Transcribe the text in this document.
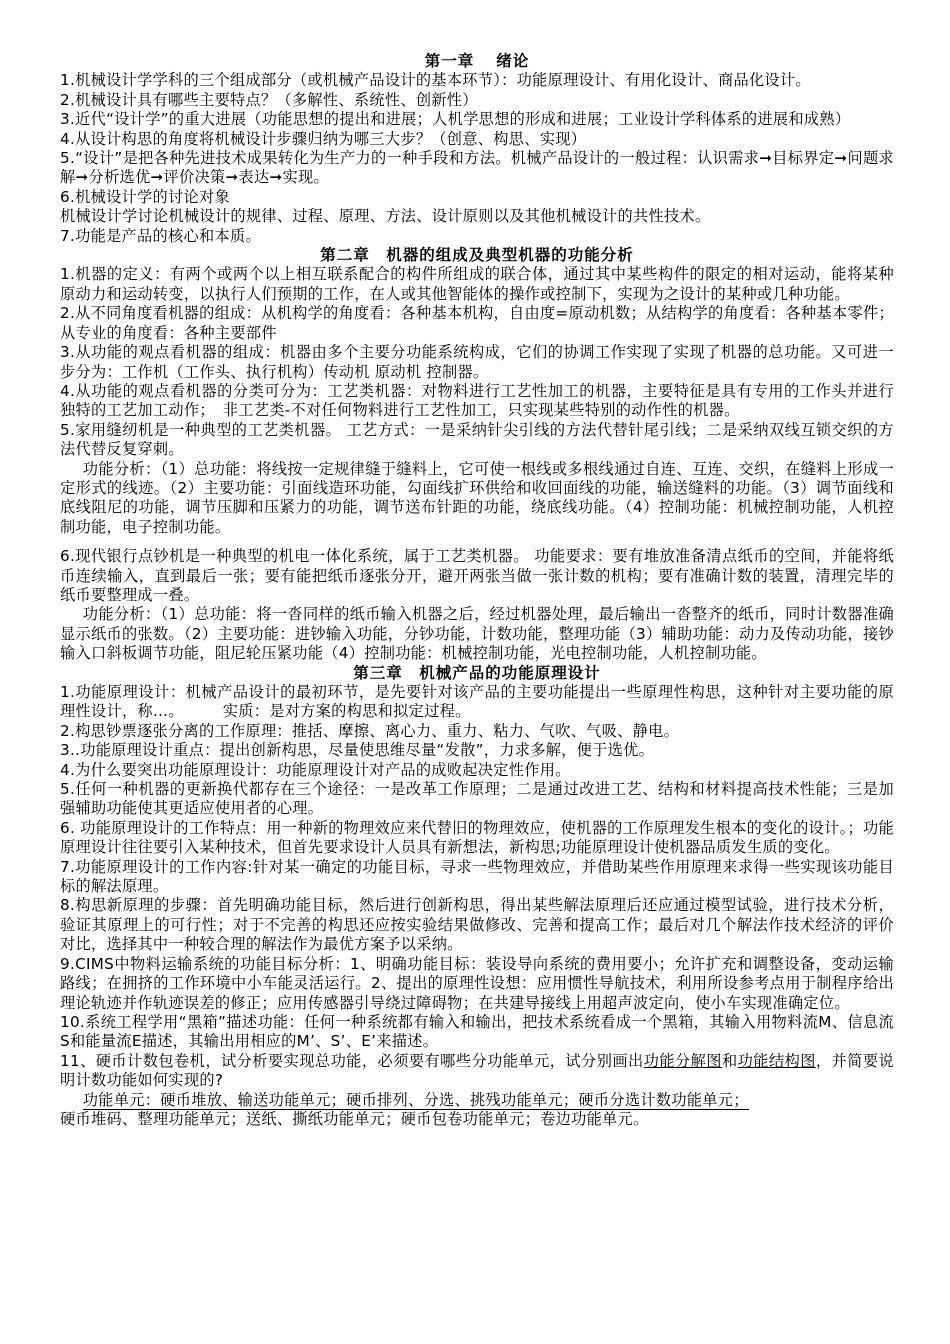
第一章 绪论

1.机械设计学学科的三个组成部分（或机械产品设计的基本环节）：功能原理设计、有用化设计、商品化设计。

2.机械设计具有哪些主要特点？（多解性、系统性、创新性）

3.近代“设计学”的重大进展（功能思想的提出和进展；人机学思想的形成和进展；工业设计学科体系的进展和成熟）

4.从设计构思的角度将机械设计步骤归纳为哪三大步？（创意、构思、实现）

5.“设计”是把各种先进技术成果转化为生产力的一种手段和方法。机械产品设计的一般过程：认识需求➞目标界定➞问题求解➞分析选优➞评价决策➞表达➞实现。

6.机械设计学的讨论对象

机械设计学讨论机械设计的规律、过程、原理、方法、设计原则以及其他机械设计的共性技术。

7.功能是产品的核心和本质。

第二章　机器的组成及典型机器的功能分析

1.机器的定义：有两个或两个以上相互联系配合的构件所组成的联合体，通过其中某些构件的限定的相对运动，能将某种原动力和运动转变，以执行人们预期的工作，在人或其他智能体的操作或控制下，实现为之设计的某种或几种功能。

2.从不同角度看机器的组成：从机构学的角度看：各种基本机构，自由度=原动机数；从结构学的角度看：各种基本零件；从专业的角度看：各种主要部件

3.从功能的观点看机器的组成：机器由多个主要分功能系统构成，它们的协调工作实现了实现了机器的总功能。又可进一步分为：工作机（工作头、执行机构）传动机 原动机 控制器。

4.从功能的观点看机器的分类可分为：工艺类机器：对物料进行工艺性加工的机器，主要特征是具有专用的工作头并进行独特的工艺加工动作；　非工艺类-不对任何物料进行工艺性加工，只实现某些特别的动作性的机器。

5.家用缝纫机是一种典型的工艺类机器。 工艺方式：一是采纳针尖引线的方法代替针尾引线；二是采纳双线互锁交织的方法代替反复穿刺。

功能分析：（1）总功能：将线按一定规律缝于缝料上，它可使一根线或多根线通过自连、互连、交织，在缝料上形成一定形式的线迹。（2）主要功能：引面线造环功能，勾面线扩环供给和收回面线的功能，输送缝料的功能。（3）调节面线和底线阻尼的功能，调节压脚和压紧力的功能，调节送布针距的功能，绕底线功能。（4）控制功能：机械控制功能，人机控制功能，电子控制功能。

6.现代银行点钞机是一种典型的机电一体化系统，属于工艺类机器。 功能要求：要有堆放准备清点纸币的空间，并能将纸币连续输入，直到最后一张；要有能把纸币逐张分开，避开两张当做一张计数的机构；要有准确计数的装置，清理完毕的纸币要整理成一叠。

功能分析：（1）总功能：将一沓同样的纸币输入机器之后，经过机器处理，最后输出一沓整齐的纸币，同时计数器准确显示纸币的张数。（2）主要功能：进钞输入功能，分钞功能，计数功能，整理功能（3）辅助功能：动力及传动功能，接钞输入口斜板调节功能，阻尼轮压紧功能（4）控制功能：机械控制功能，光电控制功能，人机控制功能。

第三章　机械产品的功能原理设计

1.功能原理设计：机械产品设计的最初环节，是先要针对该产品的主要功能提出一些原理性构思，这种针对主要功能的原理性设计，称…。　　　实质：是对方案的构思和拟定过程。

2.构思钞票逐张分离的工作原理：推括、摩擦、离心力、重力、粘力、气吹、气吸、静电。

3..功能原理设计重点：提出创新构思，尽量使思维尽量“发散”，力求多解，便于选优。

4.为什么要突出功能原理设计：功能原理设计对产品的成败起决定性作用。

5.任何一种机器的更新换代都存在三个途径：一是改革工作原理；二是通过改进工艺、结构和材料提高技术性能；三是加强辅助功能使其更适应使用者的心理。

6. 功能原理设计的工作特点：用一种新的物理效应来代替旧的物理效应，使机器的工作原理发生根本的变化的设计。；功能原理设计往往要引入某种技术，但首先要求设计人员具有新想法，新构思;功能原理设计使机器品质发生质的变化。

7.功能原理设计的工作内容:针对某一确定的功能目标，寻求一些物理效应，并借助某些作用原理来求得一些实现该功能目标的解法原理。

8.构思新原理的步骤：首先明确功能目标，然后进行创新构思，得出某些解法原理后还应通过模型试验，进行技术分析，验证其原理上的可行性；对于不完善的构思还应按实验结果做修改、完善和提高工作；最后对几个解法作技术经济的评价对比，选择其中一种较合理的解法作为最优方案予以采纳。

9.CIMS中物料运输系统的功能目标分析：1、明确功能目标：装设导向系统的费用要小；允许扩充和调整设备，变动运输路线；在拥挤的工作环境中小车能灵活运行。2、提出的原理性设想：应用惯性导航技术，利用所设参考点用于制程序给出理论轨迹并作轨迹误差的修正；应用传感器引导绕过障碍物；在共建导接线上用超声波定向，使小车实现准确定位。

10.系统工程学用“黑箱”描述功能：任何一种系统都有输入和输出，把技术系统看成一个黑箱，其输入用物料流M、信息流S和能量流E描述，其输出用相应的M’、S’、E’来描述。

11、硬币计数包卷机，试分析要实现总功能，必须要有哪些分功能单元，试分别画出功能分解图和功能结构图，并简要说明计数功能如何实现的?

功能单元：硬币堆放、输送功能单元；硬币排列、分选、挑残功能单元；硬币分选计数功能单元；

硬币堆码、整理功能单元；送纸、撕纸功能单元；硬币包卷功能单元；卷边功能单元。
